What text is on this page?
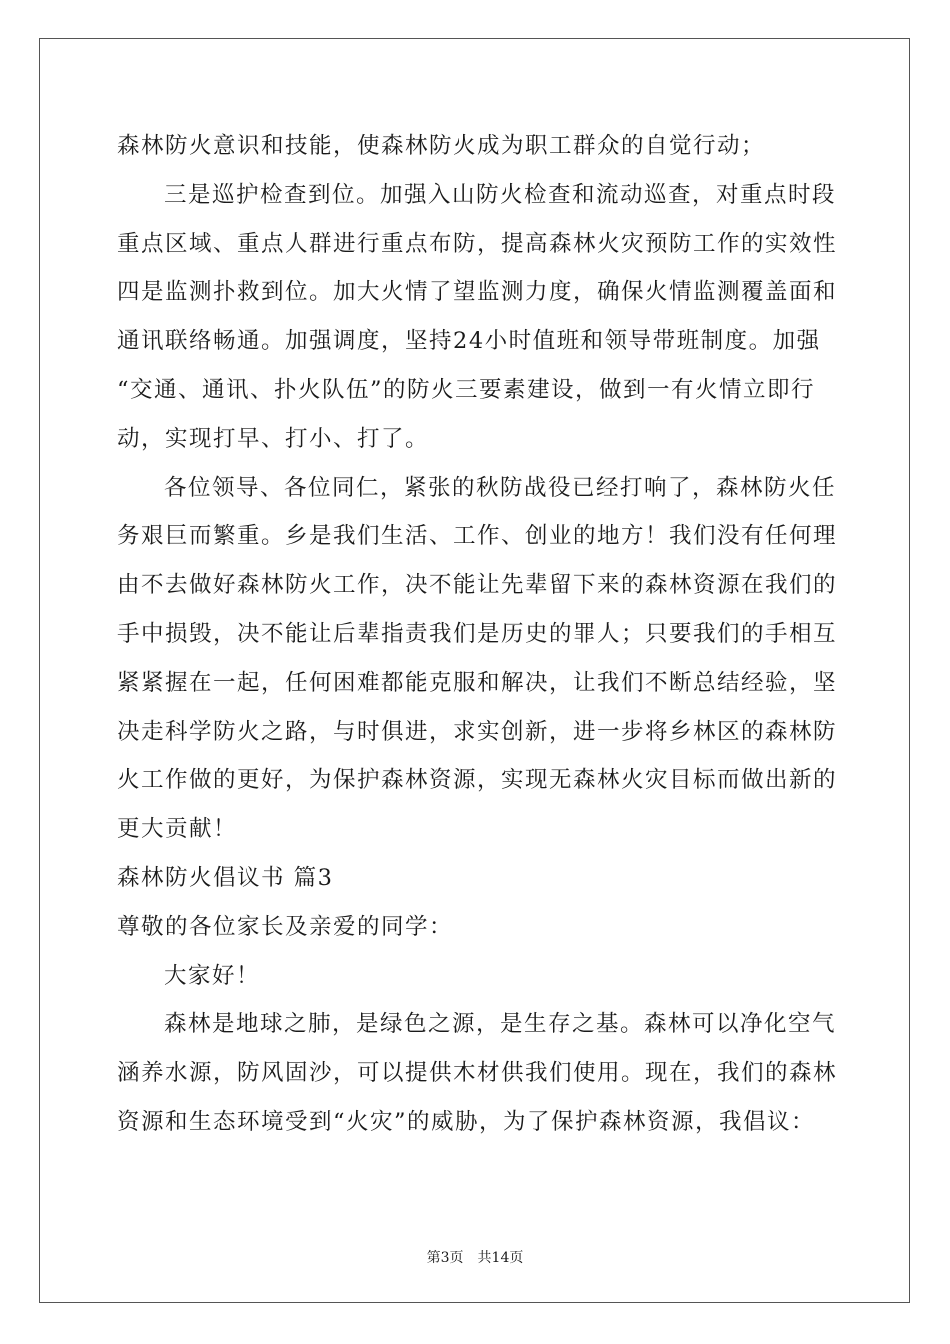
森林防火意识和技能，使森林防火成为职工群众的自觉行动；
三是巡护检查到位。加强入山防火检查和流动巡查，对重点时段
重点区域、重点人群进行重点布防，提高森林火灾预防工作的实效性
四是监测扑救到位。加大火情了望监测力度，确保火情监测覆盖面和
通讯联络畅通。加强调度，坚持24小时值班和领导带班制度。加强
“交通、通讯、扑火队伍”的防火三要素建设，做到一有火情立即行
动，实现打早、打小、打了。
各位领导、各位同仁，紧张的秋防战役已经打响了，森林防火任
务艰巨而繁重。乡是我们生活、工作、创业的地方！我们没有任何理
由不去做好森林防火工作，决不能让先辈留下来的森林资源在我们的
手中损毁，决不能让后辈指责我们是历史的罪人；只要我们的手相互
紧紧握在一起，任何困难都能克服和解决，让我们不断总结经验，坚
决走科学防火之路，与时俱进，求实创新，进一步将乡林区的森林防
火工作做的更好，为保护森林资源，实现无森林火灾目标而做出新的
更大贡献！
森林防火倡议书 篇3
尊敬的各位家长及亲爱的同学：
大家好！
森林是地球之肺，是绿色之源，是生存之基。森林可以净化空气
涵养水源，防风固沙，可以提供木材供我们使用。现在，我们的森林
资源和生态环境受到“火灾”的威胁，为了保护森林资源，我倡议：
第3页 共14页
